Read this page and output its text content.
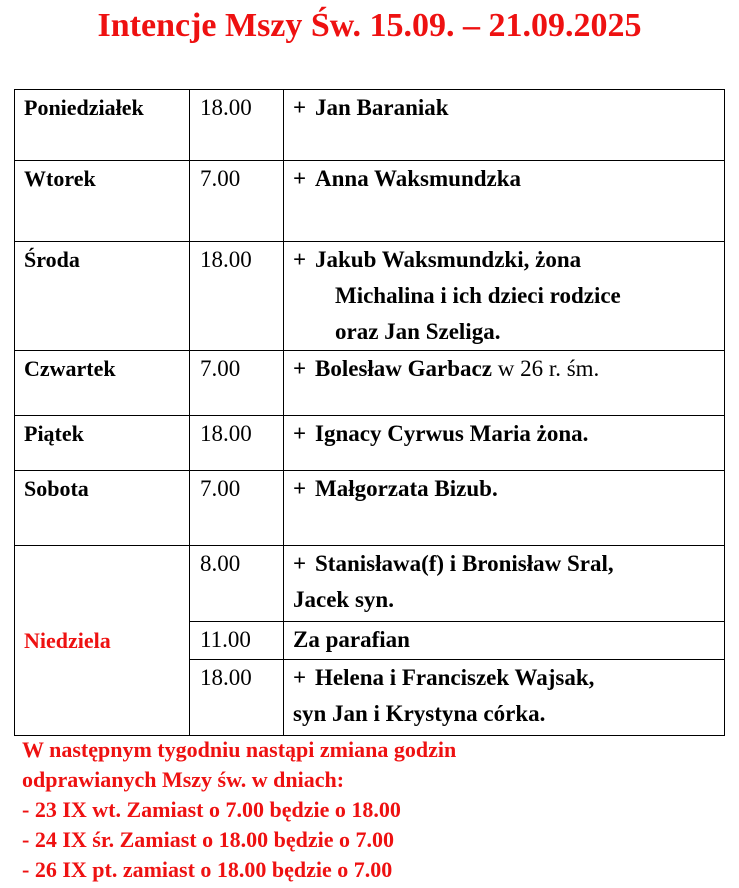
Intencje Mszy Św. 15.09. – 21.09.2025
Poniedziałek	18.00	+ Jan Baraniak
Wtorek	7.00	+ Anna Waksmundzka
Środa	18.00	+ Jakub Waksmundzki, żona
Michalina i ich dzieci rodzice
oraz Jan Szeliga.

Czwartek	7.00	+ Bolesław Garbacz w 26 r. śm.
Piątek	18.00	+ Ignacy Cyrwus Maria żona.
Sobota	7.00	+ Małgorzata Bizub.
Niedziela	8.00	+ Stanisława(f) i Bronisław Sral,
Jacek syn.

	11.00	Za parafian
	18.00	+ Helena i Franciszek Wajsak,
syn Jan i Krystyna córka.
W następnym tygodniu nastąpi zmiana godzin
odprawianych Mszy św. w dniach:
- 23 IX wt. Zamiast o 7.00 będzie o 18.00
- 24 IX śr. Zamiast o 18.00 będzie o 7.00
- 26 IX pt. zamiast o 18.00 będzie o 7.00
